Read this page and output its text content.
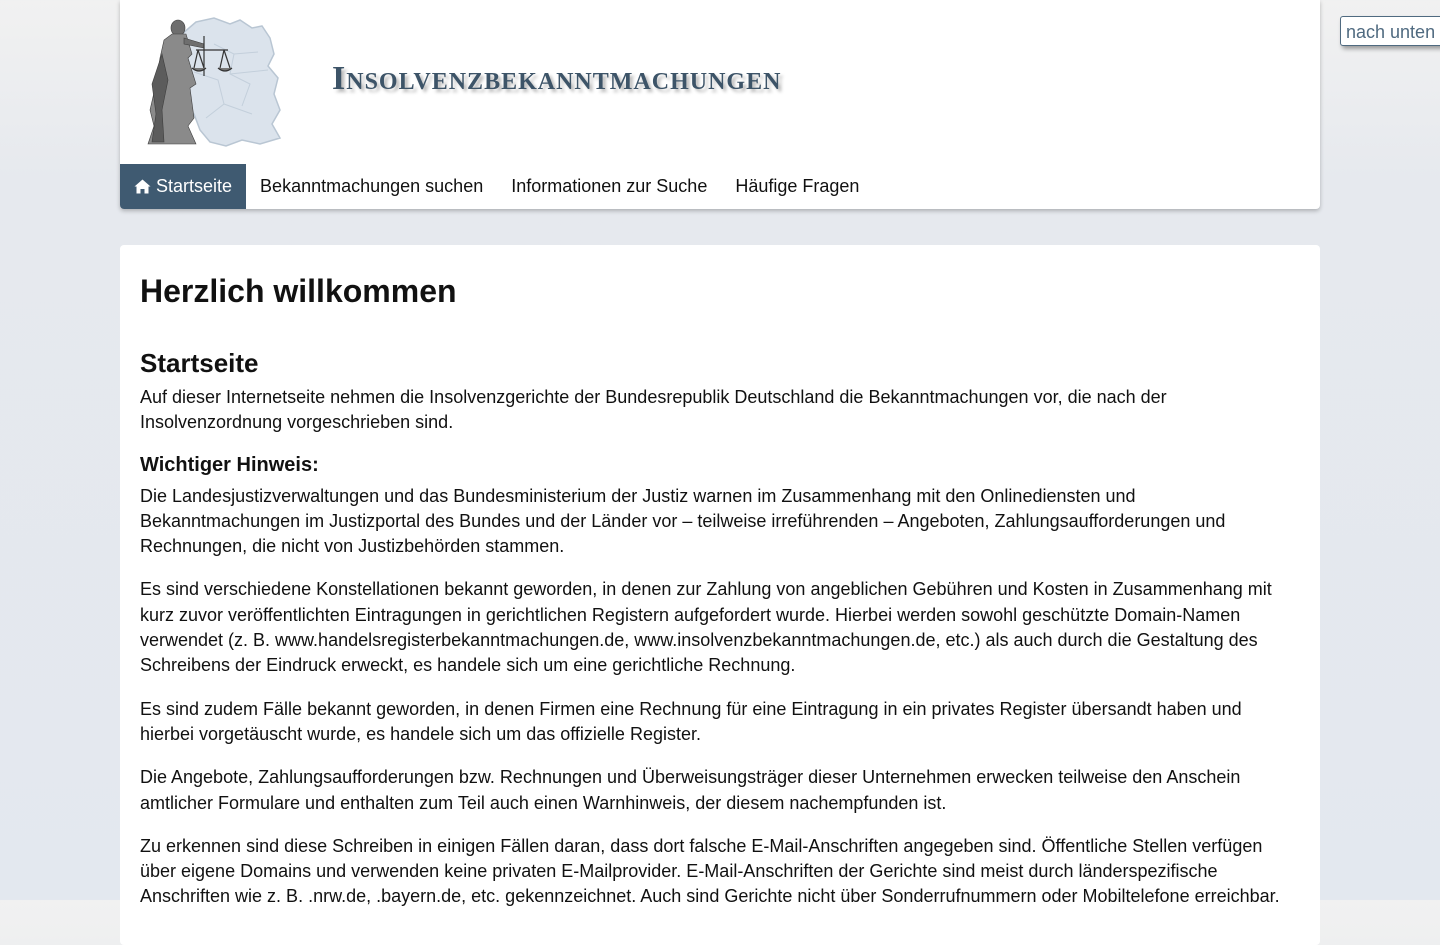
Insolvenzbekanntmachungen
Startseite	Bekanntmachungen suchen	Informationen zur Suche	Häufige Fragen
nach unten
Herzlich willkommen
Startseite

Auf dieser Internetseite nehmen die Insolvenzgerichte der Bundesrepublik Deutschland die Bekanntmachungen vor, die nach der Insolvenzordnung vorgeschrieben sind.

Wichtiger Hinweis:

Die Landesjustizverwaltungen und das Bundesministerium der Justiz warnen im Zusammenhang mit den Onlinediensten und Bekanntmachungen im Justizportal des Bundes und der Länder vor – teilweise irreführenden – Angeboten, Zahlungsaufforderungen und Rechnungen, die nicht von Justizbehörden stammen.

Es sind verschiedene Konstellationen bekannt geworden, in denen zur Zahlung von angeblichen Gebühren und Kosten in Zusammenhang mit kurz zuvor veröffentlichten Eintragungen in gerichtlichen Registern aufgefordert wurde. Hierbei werden sowohl geschützte Domain-Namen verwendet (z. B. www.handelsregisterbekanntmachungen.de, www.insolvenzbekanntmachungen.de, etc.) als auch durch die Gestaltung des Schreibens der Eindruck erweckt, es handele sich um eine gerichtliche Rechnung.

Es sind zudem Fälle bekannt geworden, in denen Firmen eine Rechnung für eine Eintragung in ein privates Register übersandt haben und hierbei vorgetäuscht wurde, es handele sich um das offizielle Register.

Die Angebote, Zahlungsaufforderungen bzw. Rechnungen und Überweisungsträger dieser Unternehmen erwecken teilweise den Anschein amtlicher Formulare und enthalten zum Teil auch einen Warnhinweis, der diesem nachempfunden ist.

Zu erkennen sind diese Schreiben in einigen Fällen daran, dass dort falsche E-Mail-Anschriften angegeben sind. Öffentliche Stellen verfügen über eigene Domains und verwenden keine privaten E-Mailprovider. E-Mail-Anschriften der Gerichte sind meist durch länderspezifische Anschriften wie z. B. .nrw.de, .bayern.de, etc. gekennzeichnet. Auch sind Gerichte nicht über Sonderrufnummern oder Mobiltelefone erreichbar.
